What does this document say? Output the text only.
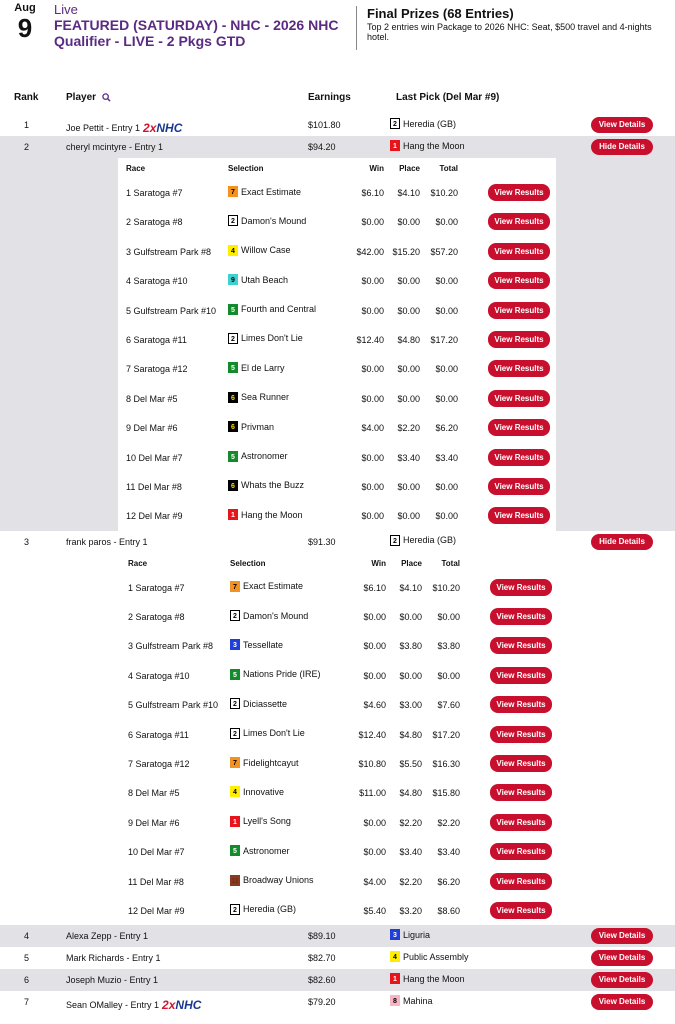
Aug
9
Live
FEATURED (SATURDAY) - NHC - 2026 NHC Qualifier - LIVE - 2 Pkgs GTD
Final Prizes (68 Entries)
Top 2 entries win Package to 2026 NHC: Seat, $500 travel and 4-nights hotel.
Rank	Player	Earnings	Last Pick (Del Mar #9)
1	Joe Pettit - Entry 1 2xNHC	$101.80	2 Heredia (GB)	View Details
2	cheryl mcintyre - Entry 1	$94.20	1 Hang the Moon	Hide Details
Race	Selection	Win	Place	Total
1 Saratoga #7	7 Exact Estimate	$6.10	$4.10	$10.20	View Results
2 Saratoga #8	2 Damon's Mound	$0.00	$0.00	$0.00	View Results
3 Gulfstream Park #8	4 Willow Case	$42.00 $15.20	$57.20	View Results
4 Saratoga #10	9 Utah Beach	$0.00	$0.00	$0.00	View Results
5 Gulfstream Park #10	5 Fourth and Central	$0.00	$0.00	$0.00	View Results
6 Saratoga #11	2 Limes Don't Lie	$12.40	$4.80	$17.20	View Results
7 Saratoga #12	5 El de Larry	$0.00	$0.00	$0.00	View Results
8 Del Mar #5	6 Sea Runner	$0.00	$0.00	$0.00	View Results
9 Del Mar #6	6 Privman	$4.00	$2.20	$6.20	View Results
10 Del Mar #7	5 Astronomer	$0.00	$3.40	$3.40	View Results
11 Del Mar #8	6 Whats the Buzz	$0.00	$0.00	$0.00	View Results
12 Del Mar #9	1 Hang the Moon	$0.00	$0.00	$0.00	View Results
3	frank paros - Entry 1	$91.30	2 Heredia (GB)	Hide Details
Race	Selection	Win	Place	Total
1 Saratoga #7	7 Exact Estimate	$6.10	$4.10	$10.20	View Results
2 Saratoga #8	2 Damon's Mound	$0.00	$0.00	$0.00	View Results
3 Gulfstream Park #8	3 Tessellate	$0.00	$3.80	$3.80	View Results
4 Saratoga #10	5 Nations Pride (IRE)	$0.00	$0.00	$0.00	View Results
5 Gulfstream Park #10	2 Diciassette	$4.60	$3.00	$7.60	View Results
6 Saratoga #11	2 Limes Don't Lie	$12.40	$4.80	$17.20	View Results
7 Saratoga #12	7 Fidelightcayut	$10.80	$5.50	$16.30	View Results
8 Del Mar #5	4 Innovative	$11.00	$4.80	$15.80	View Results
9 Del Mar #6	1 Lyell's Song	$0.00	$2.20	$2.20	View Results
10 Del Mar #7	5 Astronomer	$0.00	$3.40	$3.40	View Results
11 Del Mar #8	11 Broadway Unions	$4.00	$2.20	$6.20	View Results
12 Del Mar #9	2 Heredia (GB)	$5.40	$3.20	$8.60	View Results
4	Alexa Zepp - Entry 1	$89.10	3 Liguria	View Details
5	Mark Richards - Entry 1	$82.70	4 Public Assembly	View Details
6	Joseph Muzio - Entry 1	$82.60	1 Hang the Moon	View Details
7	Sean OMalley - Entry 1 2xNHC	$79.20	8 Mahina	View Details
